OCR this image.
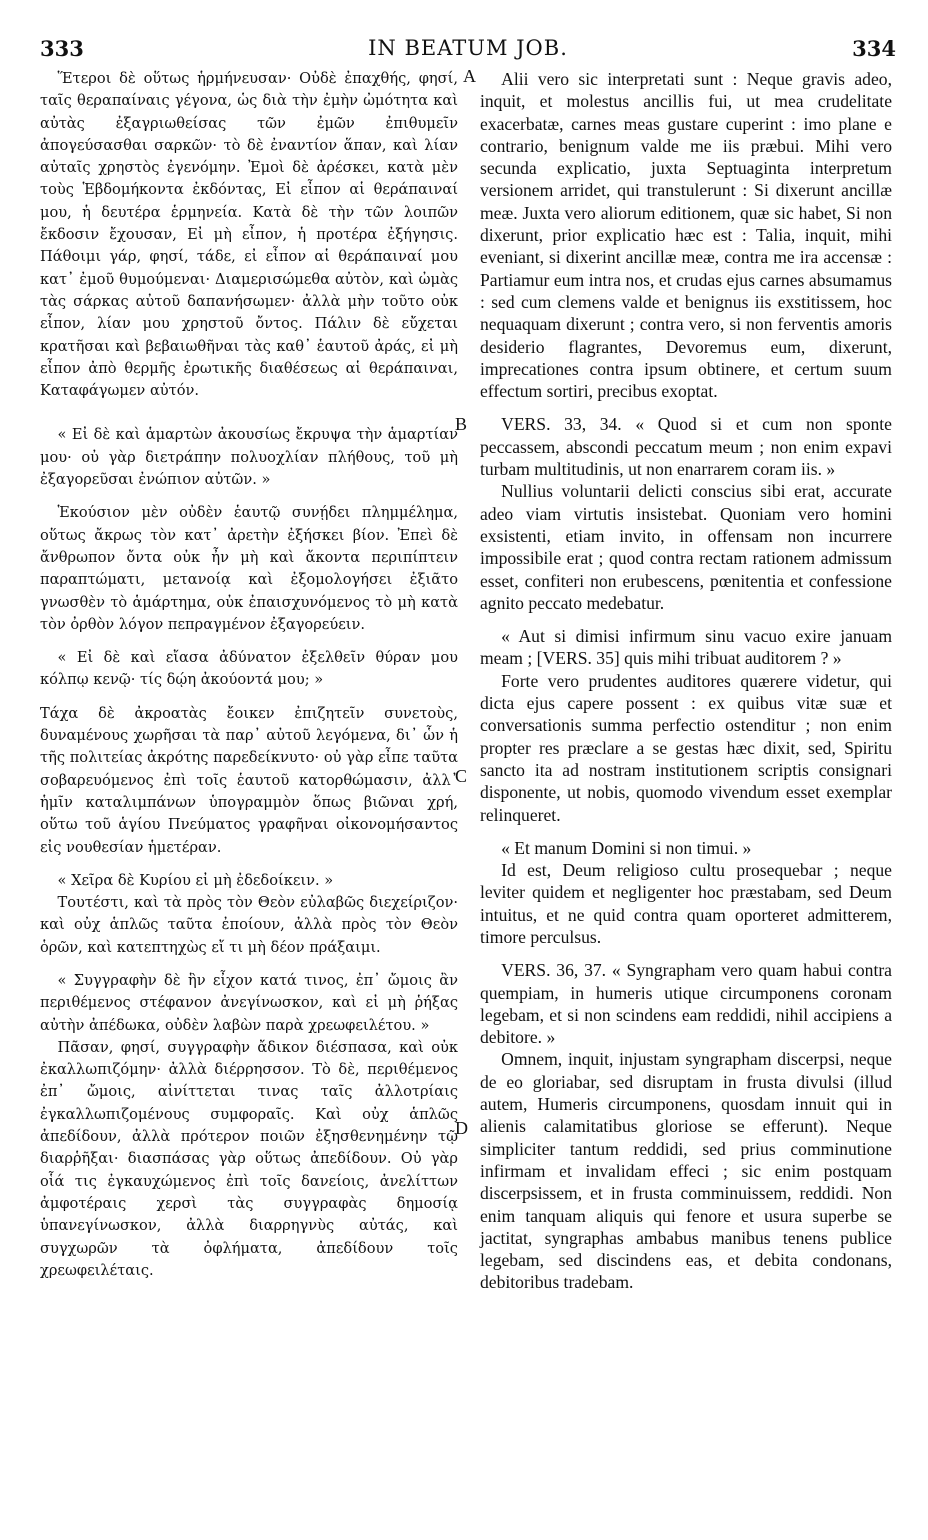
333	IN BEATUM JOB.	334
A
B
C
D

Ἕτεροι δὲ οὕτως ἡρμήνευσαν· Οὐδὲ ἐπαχθής, φησί, ταῖς θεραπαίναις γέγονα, ὡς διὰ τὴν ἐμὴν ὠμότητα καὶ αὐτὰς ἐξαγριωθείσας τῶν ἐμῶν ἐπιθυμεῖν ἀπογεύσασθαι σαρκῶν· τὸ δὲ ἐναντίον ἅπαν, καὶ λίαν αὐταῖς χρηστὸς ἐγενόμην. Ἐμοὶ δὲ ἀρέσκει, κατὰ μὲν τοὺς Ἑβδομήκοντα ἐκδόντας, Εἰ εἶπον αἱ θεράπαιναί μου, ἡ δευτέρα ἑρμηνεία. Κατὰ δὲ τὴν τῶν λοιπῶν ἔκδοσιν ἔχουσαν, Εἰ μὴ εἶπον, ἡ προτέρα ἐξήγησις. Πάθοιμι γάρ, φησί, τάδε, εἰ εἶπον αἱ θεράπαιναί μου κατ᾽ ἐμοῦ θυμούμεναι· Διαμερισώμεθα αὐτὸν, καὶ ὠμὰς τὰς σάρκας αὐτοῦ δαπανήσωμεν· ἀλλὰ μὴν τοῦτο οὐκ εἶπον, λίαν μου χρηστοῦ ὄντος. Πάλιν δὲ εὔχεται κρατῆσαι καὶ βεβαιωθῆναι τὰς καθ᾽ ἑαυτοῦ ἀράς, εἰ μὴ εἶπον ἀπὸ θερμῆς ἐρωτικῆς διαθέσεως αἱ θεράπαιναι, Καταφάγωμεν αὐτόν.

« Εἰ δὲ καὶ ἁμαρτὼν ἀκουσίως ἔκρυψα τὴν ἁμαρτίαν μου· οὐ γὰρ διετράπην πολυοχλίαν πλήθους, τοῦ μὴ ἐξαγορεῦσαι ἐνώπιον αὐτῶν. »

Ἑκούσιον μὲν οὐδὲν ἑαυτῷ συνῄδει πλημμέλημα, οὕτως ἄκρως τὸν κατ᾽ ἀρετὴν ἐξήσκει βίον. Ἐπεὶ δὲ ἄνθρωπον ὄντα οὐκ ἦν μὴ καὶ ἄκοντα περιπίπτειν παραπτώματι, μετανοίᾳ καὶ ἐξομολογήσει ἐξιᾶτο γνωσθὲν τὸ ἁμάρτημα, οὐκ ἐπαισχυνόμενος τὸ μὴ κατὰ τὸν ὀρθὸν λόγον πεπραγμένον ἐξαγορεύειν.

« Εἰ δὲ καὶ εἴασα ἀδύνατον ἐξελθεῖν θύραν μου κόλπῳ κενῷ· τίς δῴη ἀκούοντά μου; »

Τάχα δὲ ἀκροατὰς ἔοικεν ἐπιζητεῖν συνετοὺς, δυναμένους χωρῆσαι τὰ παρ᾽ αὐτοῦ λεγόμενα, δι᾽ ὧν ἡ τῆς πολιτείας ἀκρότης παρεδείκνυτο· οὐ γὰρ εἶπε ταῦτα σοβαρευόμενος ἐπὶ τοῖς ἑαυτοῦ κατορθώμασιν, ἀλλ᾽ ἡμῖν καταλιμπάνων ὑπογραμμὸν ὅπως βιῶναι χρή, οὕτω τοῦ ἁγίου Πνεύματος γραφῆναι οἰκονομήσαντος εἰς νουθεσίαν ἡμετέραν.

« Χεῖρα δὲ Κυρίου εἰ μὴ ἐδεδοίκειν. »

Τουτέστι, καὶ τὰ πρὸς τὸν Θεὸν εὐλαβῶς διεχείριζον· καὶ οὐχ ἁπλῶς ταῦτα ἐποίουν, ἀλλὰ πρὸς τὸν Θεὸν ὁρῶν, καὶ κατεπτηχὼς εἴ τι μὴ δέον πράξαιμι.

« Συγγραφὴν δὲ ἣν εἶχον κατά τινος, ἐπ᾽ ὤμοις ἂν περιθέμενος στέφανον ἀνεγίνωσκον, καὶ εἰ μὴ ῥήξας αὐτὴν ἀπέδωκα, οὐδὲν λαβὼν παρὰ χρεωφειλέτου. »

Πᾶσαν, φησί, συγγραφὴν ἄδικον διέσπασα, καὶ οὐκ ἐκαλλωπιζόμην· ἀλλὰ διέρρησσον. Τὸ δὲ, περιθέμενος ἐπ᾽ ὤμοις, αἰνίττεται τινας ταῖς ἀλλοτρίαις ἐγκαλλωπιζομένους συμφοραῖς. Καὶ οὐχ ἁπλῶς ἀπεδίδουν, ἀλλὰ πρότερον ποιῶν ἐξησθενημένην τῷ διαρῥῆξαι· διασπάσας γὰρ οὕτως ἀπεδίδουν. Οὐ γὰρ οἷά τις ἐγκαυχώμενος ἐπὶ τοῖς δανείοις, ἀνελίττων ἀμφοτέραις χερσὶ τὰς συγγραφὰς δημοσίᾳ ὑπανεγίνωσκον, ἀλλὰ διαρρηγνὺς αὐτάς, καὶ συγχωρῶν τὰ ὀφλήματα, ἀπεδίδουν τοῖς χρεωφειλέταις.

Alii vero sic interpretati sunt : Neque gravis adeo, inquit, et molestus ancillis fui, ut mea crudelitate exacerbatæ, carnes meas gustare cuperint : imo plane e contrario, benignum valde me iis præbui. Mihi vero secunda explicatio, juxta Septuaginta interpretum versionem arridet, qui transtulerunt : Si dixerunt ancillæ meæ. Juxta vero aliorum editionem, quæ sic habet, Si non dixerunt, prior explicatio hæc est : Talia, inquit, mihi eveniant, si dixerint ancillæ meæ, contra me ira accensæ : Partiamur eum intra nos, et crudas ejus carnes absumamus : sed cum clemens valde et benignus iis exstitissem, hoc nequaquam dixerunt ; contra vero, si non ferventis amoris desiderio flagrantes, Devoremus eum, dixerunt, imprecationes contra ipsum obtinere, et certum suum effectum sortiri, precibus exoptat.

VERS. 33, 34. « Quod si et cum non sponte peccassem, abscondi peccatum meum ; non enim expavi turbam multitudinis, ut non enarrarem coram iis. »

Nullius voluntarii delicti conscius sibi erat, accurate adeo viam virtutis insistebat. Quoniam vero homini exsistenti, etiam invito, in offensam non incurrere impossibile erat ; quod contra rectam rationem admissum esset, confiteri non erubescens, pœnitentia et confessione agnito peccato medebatur.

« Aut si dimisi infirmum sinu vacuo exire januam meam ; [VERS. 35] quis mihi tribuat auditorem ? »

Forte vero prudentes auditores quærere videtur, qui dicta ejus capere possent : ex quibus vitæ suæ et conversationis summa perfectio ostenditur ; non enim propter res præclare a se gestas hæc dixit, sed, Spiritu sancto ita ad nostram institutionem scriptis consignari disponente, ut nobis, quomodo vivendum esset exemplar relinqueret.

« Et manum Domini si non timui. »

Id est, Deum religioso cultu prosequebar ; neque leviter quidem et negligenter hoc præstabam, sed Deum intuitus, et ne quid contra quam oporteret admitterem, timore perculsus.

VERS. 36, 37. « Syngrapham vero quam habui contra quempiam, in humeris utique circumponens coronam legebam, et si non scindens eam reddidi, nihil accipiens a debitore. »

Omnem, inquit, injustam syngrapham discerpsi, neque de eo gloriabar, sed disruptam in frusta divulsi (illud autem, Humeris circumponens, quosdam innuit qui in alienis calamitatibus gloriose se efferunt). Neque simpliciter tantum reddidi, sed prius comminutione infirmam et invalidam effeci ; sic enim postquam discerpsissem, et in frusta comminuissem, reddidi. Non enim tanquam aliquis qui fenore et usura superbe se jactitat, syngraphas ambabus manibus tenens publice legebam, sed discindens eas, et debita condonans, debitoribus tradebam.
